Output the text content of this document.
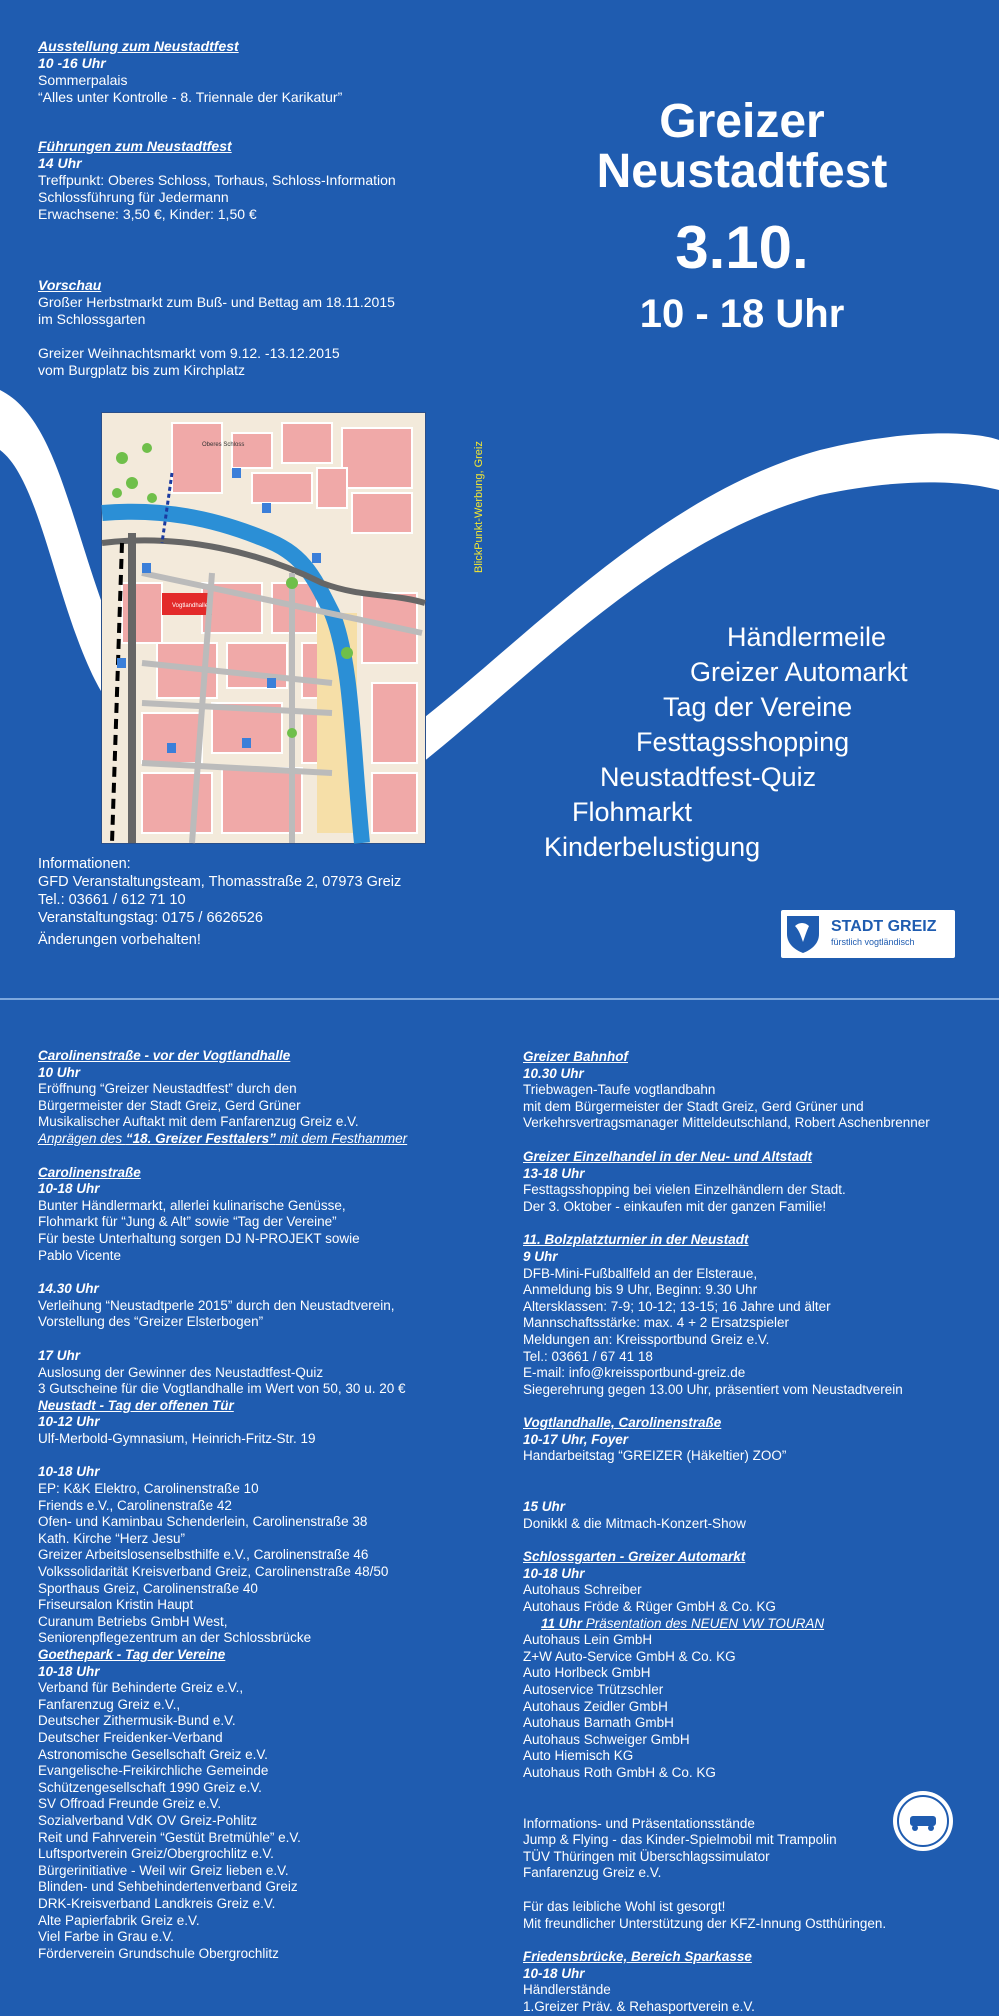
Ausstellung zum Neustadtfest
10 -16 Uhr
Sommerpalais
“Alles unter Kontrolle - 8. Triennale der Karikatur”
Führungen zum Neustadtfest
14 Uhr
Treffpunkt: Oberes Schloss, Torhaus, Schloss-Information
Schlossführung für Jedermann
Erwachsene: 3,50 €, Kinder: 1,50 €
Vorschau
Großer Herbstmarkt zum Buß- und Bettag am 18.11.2015
im Schlossgarten
Greizer Weihnachtsmarkt vom 9.12. -13.12.2015
vom Burgplatz bis zum Kirchplatz
Greizer
Neustadtfest
3.10.
10 - 18 Uhr
Vogtlandhalle
Oberes Schloss	BlickPunkt-Werbung, Greiz
Händlermeile
Greizer Automarkt
Tag der Vereine
Festtagsshopping
Neustadtfest-Quiz
Flohmarkt
Kinderbelustigung
Informationen:
GFD Veranstaltungsteam, Thomasstraße 2, 07973 Greiz
Tel.: 03661 / 612 71 10
Veranstaltungstag: 0175 / 6626526
Änderungen vorbehalten!
STADT GREIZ
fürstlich vogtländisch
Carolinenstraße - vor der Vogtlandhalle
10 Uhr
Eröffnung “Greizer Neustadtfest” durch den
Bürgermeister der Stadt Greiz, Gerd Grüner
Musikalischer Auftakt mit dem Fanfarenzug Greiz e.V.
Anprägen des “18. Greizer Festtalers” mit dem Festhammer
Carolinenstraße
10-18 Uhr
Bunter Händlermarkt, allerlei kulinarische Genüsse,
Flohmarkt für “Jung & Alt” sowie “Tag der Vereine”
Für beste Unterhaltung sorgen DJ N-PROJEKT sowie
Pablo Vicente
14.30 Uhr
Verleihung “Neustadtperle 2015” durch den Neustadtverein,
Vorstellung des “Greizer Elsterbogen”
17 Uhr
Auslosung der Gewinner des Neustadtfest-Quiz
3 Gutscheine für die Vogtlandhalle im Wert von 50, 30 u. 20 €
Neustadt - Tag der offenen Tür
10-12 Uhr
Ulf-Merbold-Gymnasium, Heinrich-Fritz-Str. 19
10-18 Uhr
EP: K&K Elektro, Carolinenstraße 10
Friends e.V., Carolinenstraße 42
Ofen- und Kaminbau Schenderlein, Carolinenstraße 38
Kath. Kirche “Herz Jesu”
Greizer Arbeitslosenselbsthilfe e.V., Carolinenstraße 46
Volkssolidarität Kreisverband Greiz, Carolinenstraße 48/50
Sporthaus Greiz, Carolinenstraße 40
Friseursalon Kristin Haupt
Curanum Betriebs GmbH West,
Seniorenpflegezentrum an der Schlossbrücke
Goethepark - Tag der Vereine
10-18 Uhr
Verband für Behinderte Greiz e.V.,
Fanfarenzug Greiz e.V.,
Deutscher Zithermusik-Bund e.V.
Deutscher Freidenker-Verband
Astronomische Gesellschaft Greiz e.V.
Evangelische-Freikirchliche Gemeinde
Schützengesellschaft 1990 Greiz e.V.
SV Offroad Freunde Greiz e.V.
Sozialverband VdK OV Greiz-Pohlitz
Reit und Fahrverein “Gestüt Bretmühle” e.V.
Luftsportverein Greiz/Obergrochlitz e.V.
Bürgerinitiative - Weil wir Greiz lieben e.V.
Blinden- und Sehbehindertenverband Greiz
DRK-Kreisverband Landkreis Greiz e.V.
Alte Papierfabrik Greiz e.V.
Viel Farbe in Grau e.V.
Förderverein Grundschule Obergrochlitz
Greizer Bahnhof
10.30 Uhr
Triebwagen-Taufe vogtlandbahn
mit dem Bürgermeister der Stadt Greiz, Gerd Grüner und
Verkehrsvertragsmanager Mitteldeutschland, Robert Aschenbrenner
Greizer Einzelhandel in der Neu- und Altstadt
13-18 Uhr
Festtagsshopping bei vielen Einzelhändlern der Stadt.
Der 3. Oktober - einkaufen mit der ganzen Familie!
11. Bolzplatzturnier in der Neustadt
9 Uhr
DFB-Mini-Fußballfeld an der Elsteraue,
Anmeldung bis 9 Uhr, Beginn: 9.30 Uhr
Altersklassen: 7-9; 10-12; 13-15; 16 Jahre und älter
Mannschaftsstärke: max. 4 + 2 Ersatzspieler
Meldungen an: Kreissportbund Greiz e.V.
Tel.: 03661 / 67 41 18
E-mail: info@kreissportbund-greiz.de
Siegerehrung gegen 13.00 Uhr, präsentiert vom Neustadtverein
Vogtlandhalle, Carolinenstraße
10-17 Uhr, Foyer
Handarbeitstag “GREIZER (Häkeltier) ZOO”
15 Uhr
Donikkl & die Mitmach-Konzert-Show
Schlossgarten - Greizer Automarkt
10-18 Uhr
Autohaus Schreiber
Autohaus Fröde & Rüger GmbH & Co. KG
11 Uhr Präsentation des NEUEN VW TOURAN
Autohaus Lein GmbH
Z+W Auto-Service GmbH & Co. KG
Auto Horlbeck GmbH
Autoservice Trützschler
Autohaus Zeidler GmbH
Autohaus Barnath GmbH
Autohaus Schweiger GmbH
Auto Hiemisch KG
Autohaus Roth GmbH & Co. KG
Informations- und Präsentationsstände
Jump & Flying - das Kinder-Spielmobil mit Trampolin
TÜV Thüringen mit Überschlagssimulator
Fanfarenzug Greiz e.V.
Für das leibliche Wohl ist gesorgt!
Mit freundlicher Unterstützung der KFZ-Innung Ostthüringen.
Friedensbrücke, Bereich Sparkasse
10-18 Uhr
Händlerstände
1.Greizer Präv. & Rehasportverein e.V.
